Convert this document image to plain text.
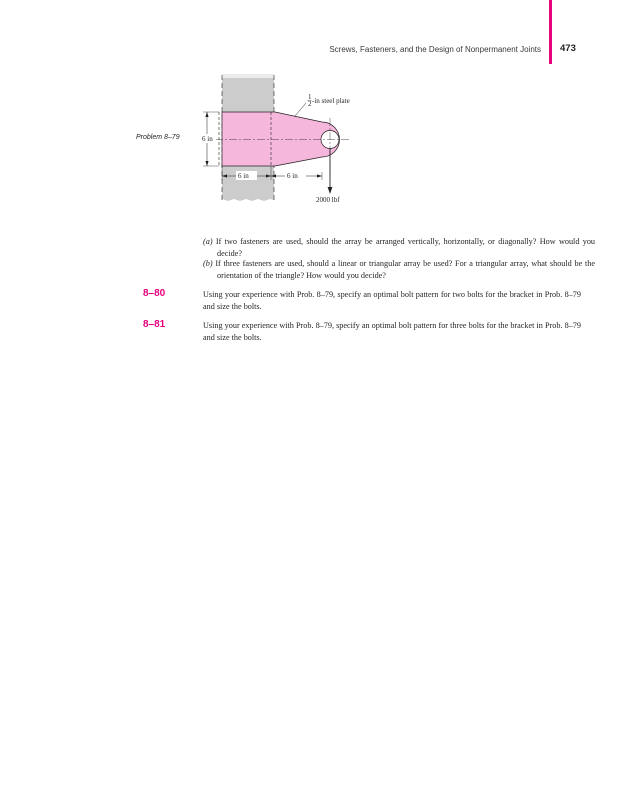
Screws, Fasteners, and the Design of Nonpermanent Joints 473
Problem 8–79
1
2 -in steel plate
6 in
6 in	6 in
2000 lbf
(a) If two fasteners are used, should the array be arranged vertically, horizontally, or diagonally? How would you decide?
(b) If three fasteners are used, should a linear or triangular array be used? For a triangular array, what should be the orientation of the triangle? How would you decide?
8–80	Using your experience with Prob. 8–79, specify an optimal bolt pattern for two bolts for the bracket in Prob. 8–79 and size the bolts.
8–81	Using your experience with Prob. 8–79, specify an optimal bolt pattern for three bolts for the bracket in Prob. 8–79 and size the bolts.
